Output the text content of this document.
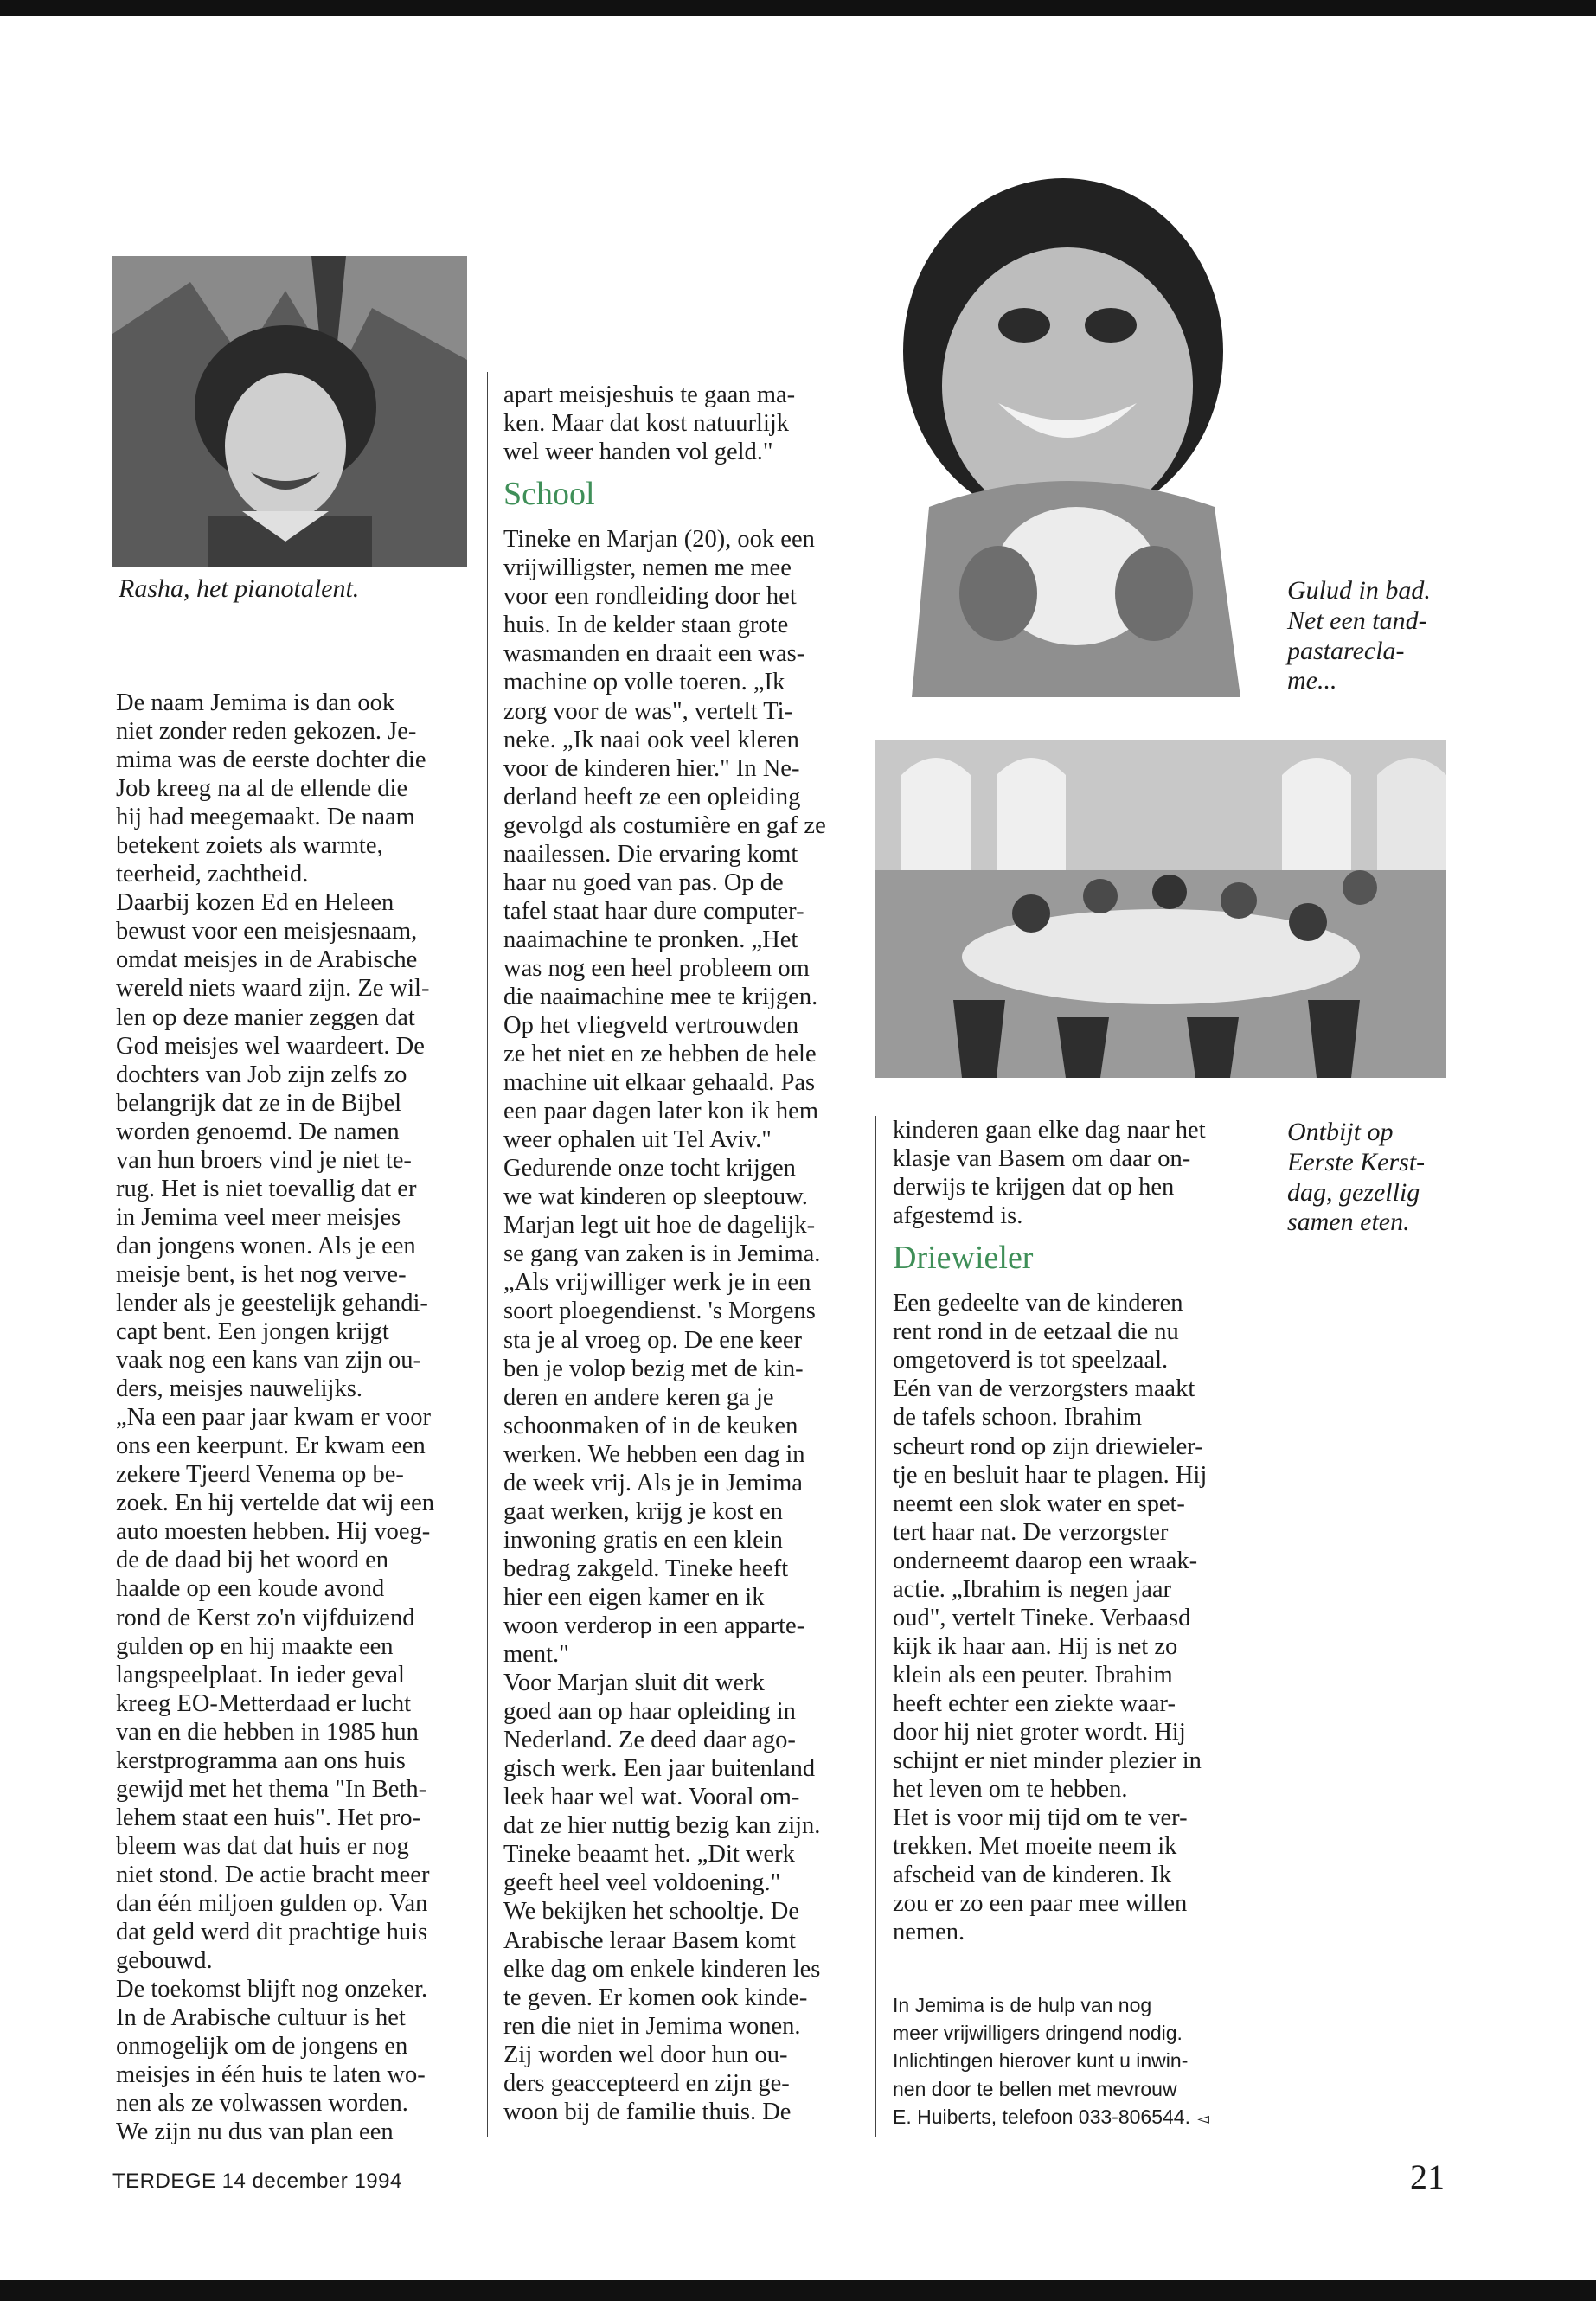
Rasha, het pianotalent.	Gulud in bad.
Net een tand-
pastarecla-
me...
Ontbijt op
Eerste Kerst-
dag, gezellig
samen eten.
De naam Jemima is dan ook
niet zonder reden gekozen. Je-
mima was de eerste dochter die
Job kreeg na al de ellende die
hij had meegemaakt. De naam
betekent zoiets als warmte,
teerheid, zachtheid.
Daarbij kozen Ed en Heleen
bewust voor een meisjesnaam,
omdat meisjes in de Arabische
wereld niets waard zijn. Ze wil-
len op deze manier zeggen dat
God meisjes wel waardeert. De
dochters van Job zijn zelfs zo
belangrijk dat ze in de Bijbel
worden genoemd. De namen
van hun broers vind je niet te-
rug. Het is niet toevallig dat er
in Jemima veel meer meisjes
dan jongens wonen. Als je een
meisje bent, is het nog verve-
lender als je geestelijk gehandi-
capt bent. Een jongen krijgt
vaak nog een kans van zijn ou-
ders, meisjes nauwelijks.
„Na een paar jaar kwam er voor
ons een keerpunt. Er kwam een
zekere Tjeerd Venema op be-
zoek. En hij vertelde dat wij een
auto moesten hebben. Hij voeg-
de de daad bij het woord en
haalde op een koude avond
rond de Kerst zo'n vijfduizend
gulden op en hij maakte een
langspeelplaat. In ieder geval
kreeg EO-Metterdaad er lucht
van en die hebben in 1985 hun
kerstprogramma aan ons huis
gewijd met het thema "In Beth-
lehem staat een huis". Het pro-
bleem was dat dat huis er nog
niet stond. De actie bracht meer
dan één miljoen gulden op. Van
dat geld werd dit prachtige huis
gebouwd.
De toekomst blijft nog onzeker.
In de Arabische cultuur is het
onmogelijk om de jongens en
meisjes in één huis te laten wo-
nen als ze volwassen worden.
We zijn nu dus van plan een
apart meisjeshuis te gaan ma-
ken. Maar dat kost natuurlijk
wel weer handen vol geld."
School
Tineke en Marjan (20), ook een
vrijwilligster, nemen me mee
voor een rondleiding door het
huis. In de kelder staan grote
wasmanden en draait een was-
machine op volle toeren. „Ik
zorg voor de was", vertelt Ti-
neke. „Ik naai ook veel kleren
voor de kinderen hier." In Ne-
derland heeft ze een opleiding
gevolgd als costumière en gaf ze
naailessen. Die ervaring komt
haar nu goed van pas. Op de
tafel staat haar dure computer-
naaimachine te pronken. „Het
was nog een heel probleem om
die naaimachine mee te krijgen.
Op het vliegveld vertrouwden
ze het niet en ze hebben de hele
machine uit elkaar gehaald. Pas
een paar dagen later kon ik hem
weer ophalen uit Tel Aviv."
Gedurende onze tocht krijgen
we wat kinderen op sleeptouw.
Marjan legt uit hoe de dagelijk-
se gang van zaken is in Jemima.
„Als vrijwilliger werk je in een
soort ploegendienst. 's Morgens
sta je al vroeg op. De ene keer
ben je volop bezig met de kin-
deren en andere keren ga je
schoonmaken of in de keuken
werken. We hebben een dag in
de week vrij. Als je in Jemima
gaat werken, krijg je kost en
inwoning gratis en een klein
bedrag zakgeld. Tineke heeft
hier een eigen kamer en ik
woon verderop in een apparte-
ment."
Voor Marjan sluit dit werk
goed aan op haar opleiding in
Nederland. Ze deed daar ago-
gisch werk. Een jaar buitenland
leek haar wel wat. Vooral om-
dat ze hier nuttig bezig kan zijn.
Tineke beaamt het. „Dit werk
geeft heel veel voldoening."
We bekijken het schooltje. De
Arabische leraar Basem komt
elke dag om enkele kinderen les
te geven. Er komen ook kinde-
ren die niet in Jemima wonen.
Zij worden wel door hun ou-
ders geaccepteerd en zijn ge-
woon bij de familie thuis. De
kinderen gaan elke dag naar het
klasje van Basem om daar on-
derwijs te krijgen dat op hen
afgestemd is.
Driewieler
Een gedeelte van de kinderen
rent rond in de eetzaal die nu
omgetoverd is tot speelzaal.
Eén van de verzorgsters maakt
de tafels schoon. Ibrahim
scheurt rond op zijn driewieler-
tje en besluit haar te plagen. Hij
neemt een slok water en spet-
tert haar nat. De verzorgster
onderneemt daarop een wraak-
actie. „Ibrahim is negen jaar
oud", vertelt Tineke. Verbaasd
kijk ik haar aan. Hij is net zo
klein als een peuter. Ibrahim
heeft echter een ziekte waar-
door hij niet groter wordt. Hij
schijnt er niet minder plezier in
het leven om te hebben.
Het is voor mij tijd om te ver-
trekken. Met moeite neem ik
afscheid van de kinderen. Ik
zou er zo een paar mee willen
nemen.
In Jemima is de hulp van nog
meer vrijwilligers dringend nodig.
Inlichtingen hierover kunt u inwin-
nen door te bellen met mevrouw
E. Huiberts, telefoon 033-806544. ◅
TERDEGE 14 december 1994	21
